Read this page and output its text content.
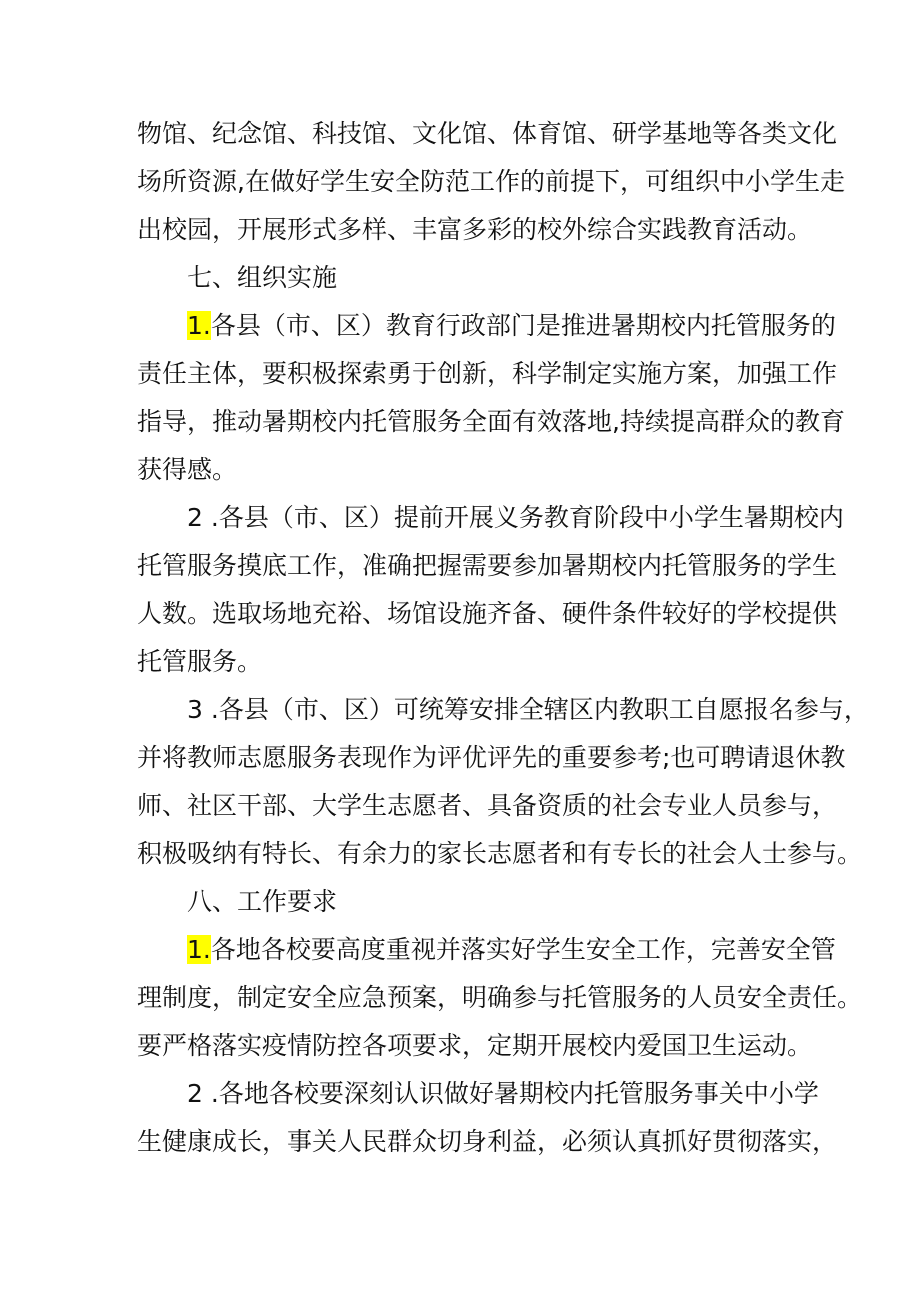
物馆、纪念馆、科技馆、文化馆、体育馆、研学基地等各类文化
场所资源,在做好学生安全防范工作的前提下，可组织中小学生走
出校园，开展形式多样、丰富多彩的校外综合实践教育活动。
七、组织实施
1.各县（市、区）教育行政部门是推进暑期校内托管服务的
责任主体，要积极探索勇于创新，科学制定实施方案，加强工作
指导，推动暑期校内托管服务全面有效落地,持续提高群众的教育
获得感。
2 .各县（市、区）提前开展义务教育阶段中小学生暑期校内
托管服务摸底工作，准确把握需要参加暑期校内托管服务的学生
人数。选取场地充裕、场馆设施齐备、硬件条件较好的学校提供
托管服务。
3 .各县（市、区）可统筹安排全辖区内教职工自愿报名参与，
并将教师志愿服务表现作为评优评先的重要参考;也可聘请退休教
师、社区干部、大学生志愿者、具备资质的社会专业人员参与，
积极吸纳有特长、有余力的家长志愿者和有专长的社会人士参与。
八、工作要求
1.各地各校要高度重视并落实好学生安全工作，完善安全管
理制度，制定安全应急预案，明确参与托管服务的人员安全责任。
要严格落实疫情防控各项要求，定期开展校内爱国卫生运动。
2 .各地各校要深刻认识做好暑期校内托管服务事关中小学
生健康成长，事关人民群众切身利益，必须认真抓好贯彻落实，
